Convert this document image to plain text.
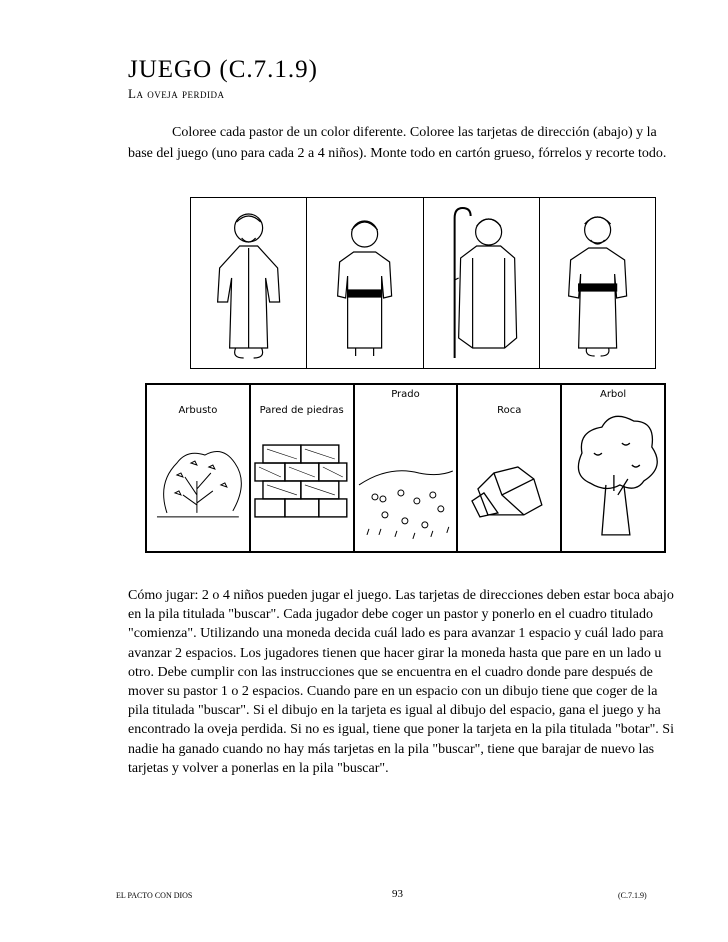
JUEGO (C.7.1.9)
La oveja perdida
Coloree cada pastor de un color diferente. Coloree las tarjetas de dirección (abajo) y la base del juego (uno para cada 2 a 4 niños). Monte todo en cartón grueso, fórrelos y recorte todo.
Arbusto	Pared de piedras
Prado
Roca
Arbol
Cómo jugar: 2 o 4 niños pueden jugar el juego. Las tarjetas de direcciones deben estar boca abajo en la pila titulada "buscar". Cada jugador debe coger un pastor y ponerlo en el cuadro titulado "comienza". Utilizando una moneda decida cuál lado es para avanzar 1 espacio y cuál lado para avanzar 2 espacios. Los jugadores tienen que hacer girar la moneda hasta que pare en un lado u otro. Debe cumplir con las instrucciones que se encuentra en el cuadro donde pare después de mover su pastor 1 o 2 espacios. Cuando pare en un espacio con un dibujo tiene que coger de la pila titulada "buscar". Si el dibujo en la tarjeta es igual al dibujo del espacio, gana el juego y ha encontrado la oveja perdida. Si no es igual, tiene que poner la tarjeta en la pila titulada "botar". Si nadie ha ganado cuando no hay más tarjetas en la pila "buscar", tiene que barajar de nuevo las tarjetas y volver a ponerlas en la pila "buscar".
EL PACTO CON DIOS	93	(C.7.1.9)
